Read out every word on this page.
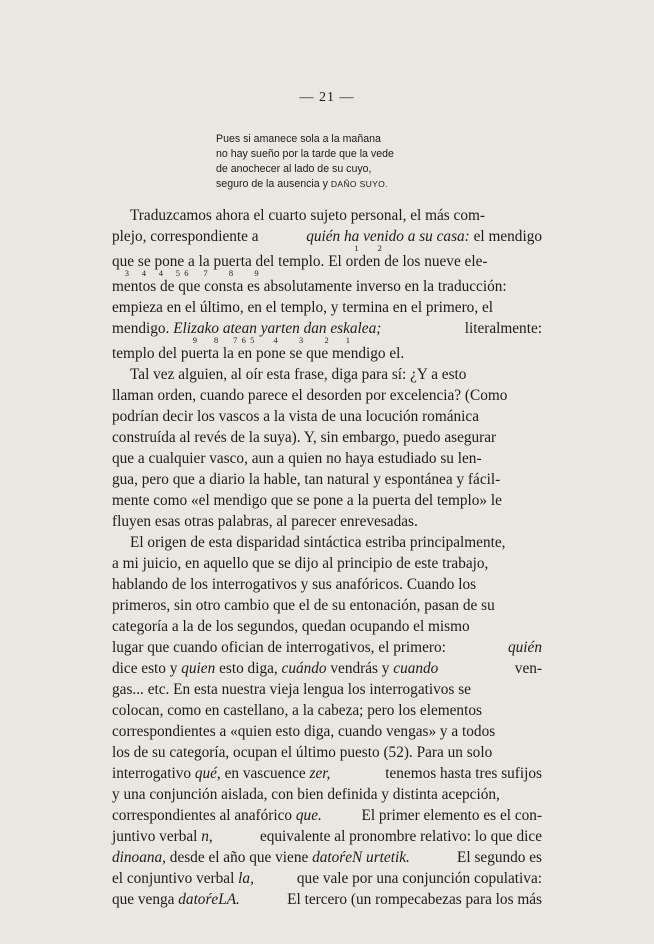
— 21 —
Pues si amanece sola a la mañana
no hay sueño por la tarde que la vede
de anochecer al lado de su cuyo,
seguro de la ausencia y DAÑO SUYO.
Traduzcamos ahora el cuarto sujeto personal, el más com-
plejo, correspondiente a	quién ha venido a su casa: el mendigo
1         2
que se pone a la puerta del templo. El orden de los nueve ele-
3      4      4      5  6       7          8          9
mentos de que consta es absolutamente inverso en la traducción:
empieza en el último, en el templo, y termina en el primero, el
mendigo. Elizako atean yarten dan eskalea;	literalmente:
9        8       7  6  5         4          3          2        1
templo del puerta la en pone se que mendigo el.
Tal vez alguien, al oír esta frase, diga para sí: ¿Y a esto
llaman orden, cuando parece el desorden por excelencia? (Como
podrían decir los vascos a la vista de una locución románica
construída al revés de la suya). Y, sin embargo, puedo asegurar
que a cualquier vasco, aun a quien no haya estudiado su len-
gua, pero que a diario la hable, tan natural y espontánea y fácil-
mente como «el mendigo que se pone a la puerta del templo» le
fluyen esas otras palabras, al parecer enrevesadas.
El origen de esta disparidad sintáctica estriba principalmente,
a mi juicio, en aquello que se dijo al principio de este trabajo,
hablando de los interrogativos y sus anafóricos. Cuando los
primeros, sin otro cambio que el de su entonación, pasan de su
categoría a la de los segundos, quedan ocupando el mismo
lugar que cuando ofician de interrogativos, el primero:	quién
dice esto y quien esto diga, cuándo vendrás y cuando	ven-
gas... etc. En esta nuestra vieja lengua los interrogativos se
colocan, como en castellano, a la cabeza; pero los elementos
correspondientes a «quien esto diga, cuando vengas» y a todos
los de su categoría, ocupan el último puesto (52). Para un solo
interrogativo qué, en vascuence zer,	tenemos hasta tres sufijos
y una conjunción aislada, con bien definida y distinta acepción,
correspondientes al anafórico que. El primer elemento es el con-
juntivo verbal n,	equivalente al pronombre relativo: lo que dice
dinoana, desde el año que viene datoŕeN urtetik.	El segundo es
el conjuntivo verbal la,	que vale por una conjunción copulativa:
que venga datoŕeLA.	El tercero (un rompecabezas para los más
